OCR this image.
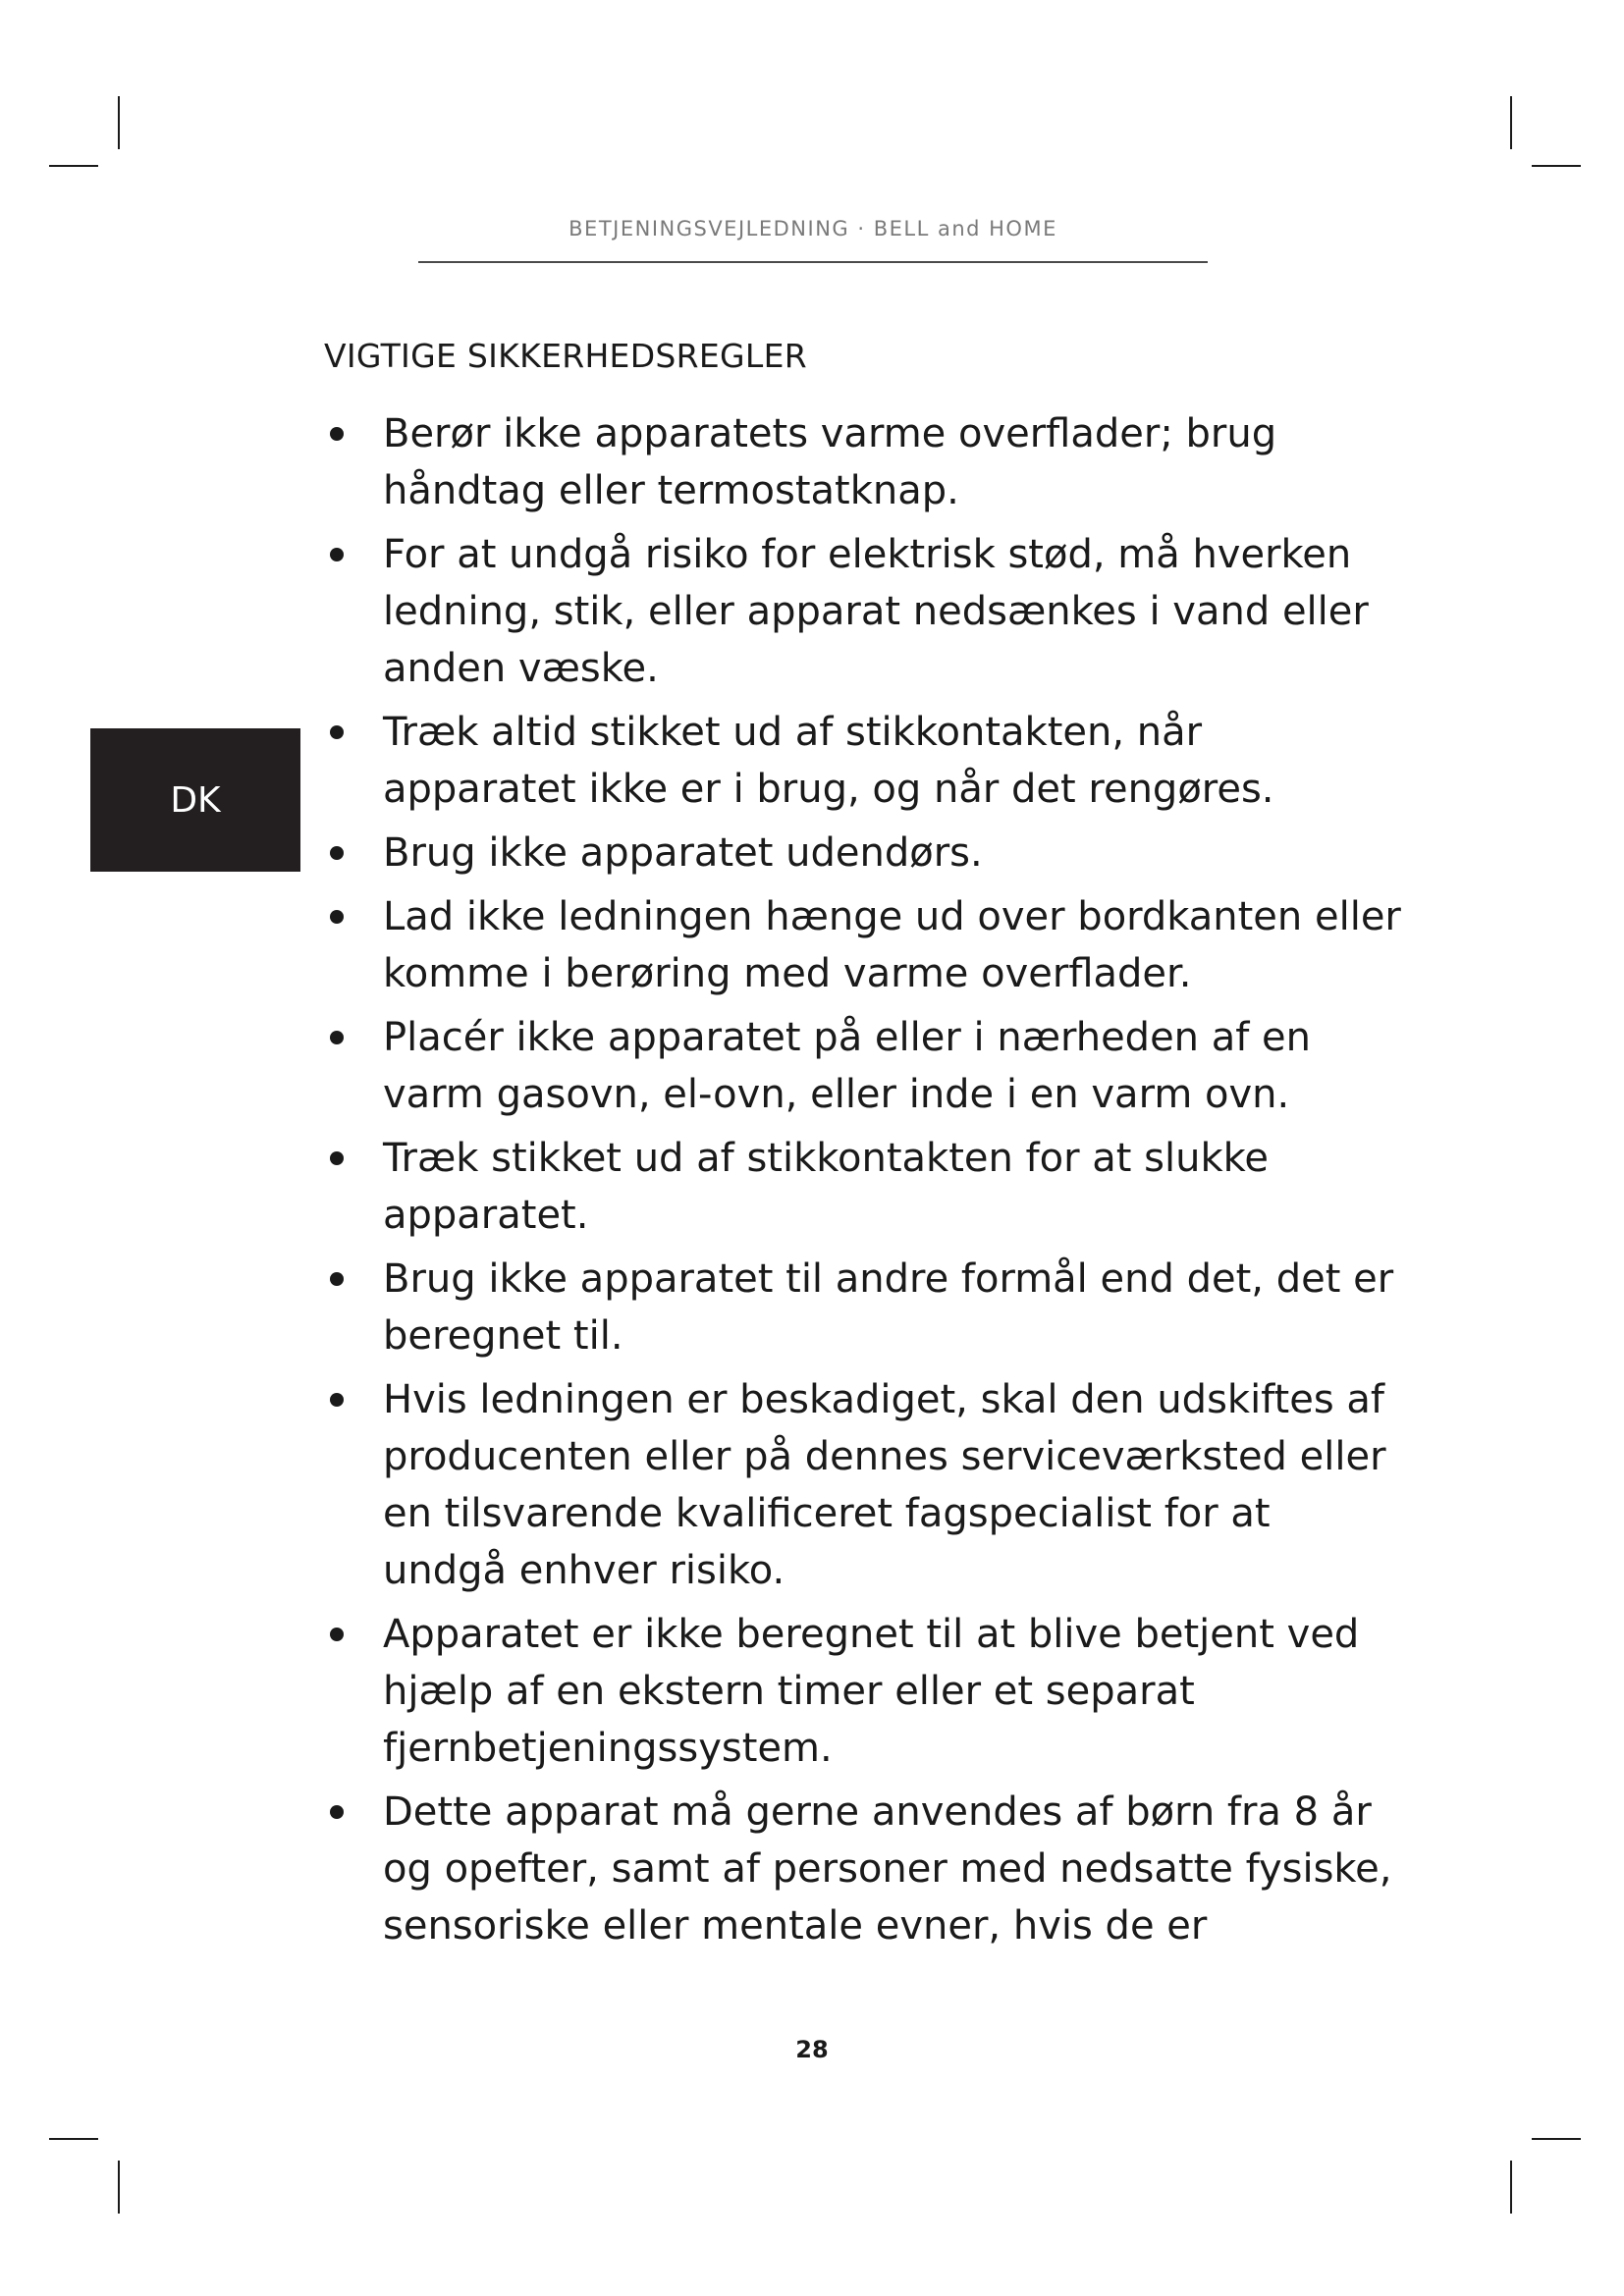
BETJENINGSVEJLEDNING · BELL and HOME
VIGTIGE SIKKERHEDSREGLER
DK
Berør ikke apparatets varme overflader; brug håndtag eller termostatknap.
For at undgå risiko for elektrisk stød, må hverken ledning, stik, eller apparat nedsænkes i vand eller anden væske.
Træk altid stikket ud af stikkontakten, når apparatet ikke er i brug, og når det rengøres.
Brug ikke apparatet udendørs.
Lad ikke ledningen hænge ud over bordkanten eller komme i berøring med varme overflader.
Placér ikke apparatet på eller i nærheden af en varm gasovn, el-ovn, eller inde i en varm ovn.
Træk stikket ud af stikkontakten for at slukke apparatet.
Brug ikke apparatet til andre formål end det, det er beregnet til.
Hvis ledningen er beskadiget, skal den udskiftes af producenten eller på dennes serviceværksted eller en tilsvarende kvalificeret fagspecialist for at undgå enhver risiko.
Apparatet er ikke beregnet til at blive betjent ved hjælp af en ekstern timer eller et separat fjernbetjeningssystem.
Dette apparat må gerne anvendes af børn fra 8 år og opefter, samt af personer med nedsatte fysiske, sensoriske eller mentale evner, hvis de er
28
